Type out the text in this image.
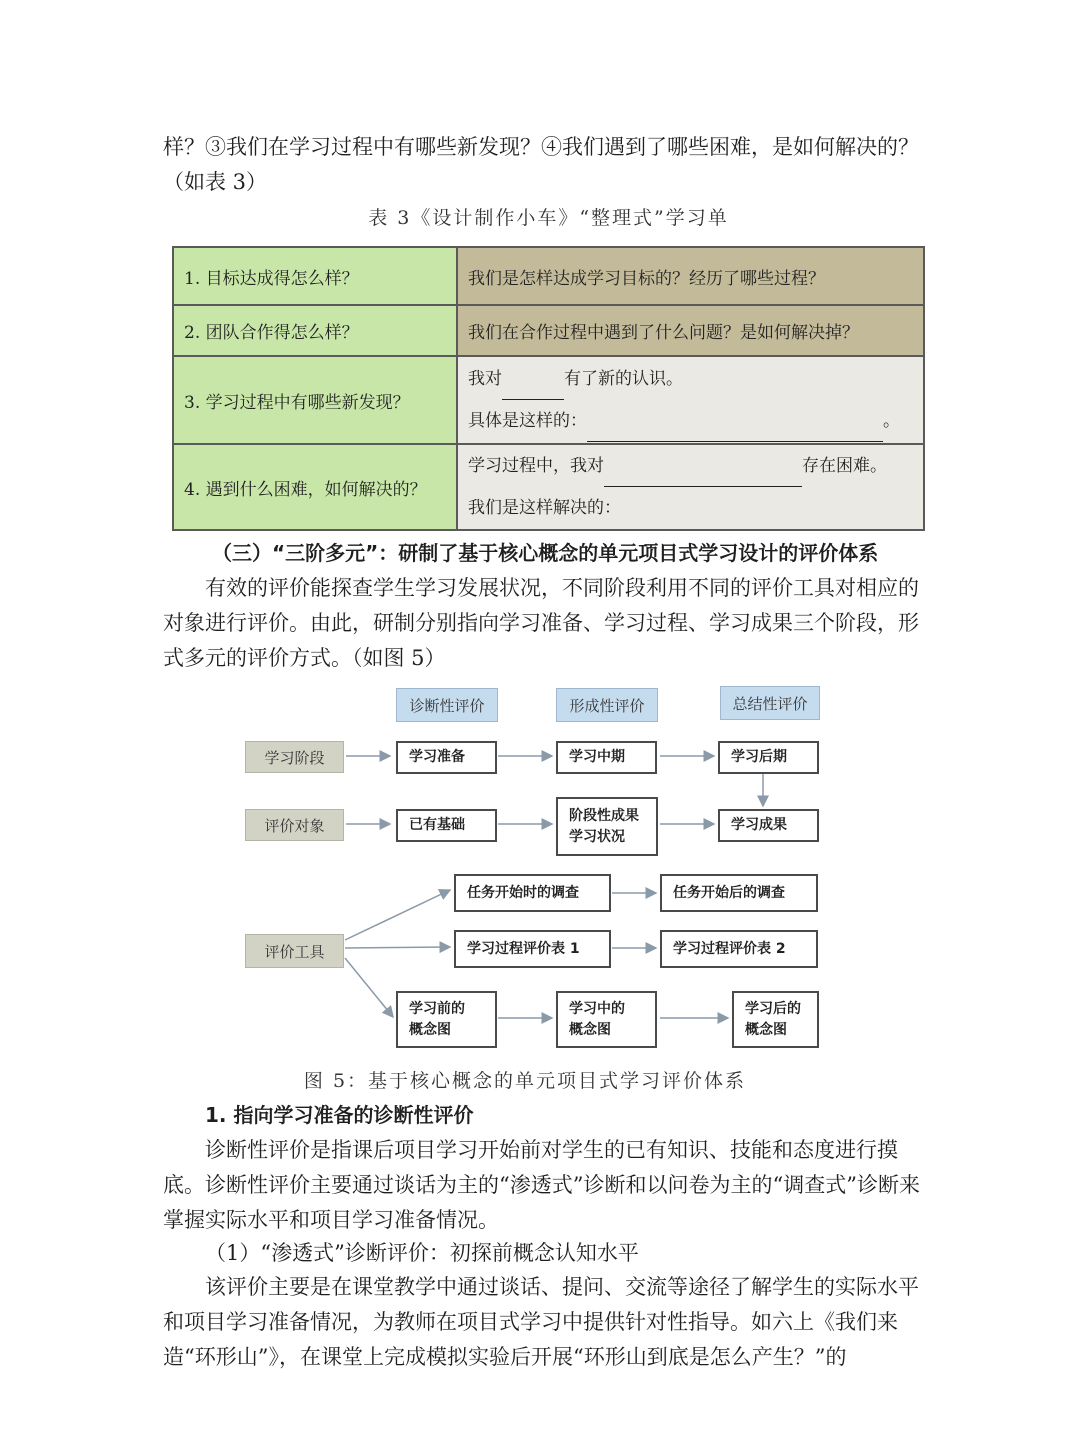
样？③我们在学习过程中有哪些新发现？④我们遇到了哪些困难，是如何解决的？
（如表 3）
表 3《设计制作小车》“整理式”学习单
1. 目标达成得怎么样？	我们是怎样达成学习目标的？经历了哪些过程？
2. 团队合作得怎么样？	我们在合作过程中遇到了什么问题？是如何解决掉？
3. 学习过程中有哪些新发现？	我对 有了新的认识。
具体是这样的： 。

4. 遇到什么困难，如何解决的？	学习过程中，我对 存在困难。
我们是这样解决的：
（三）“三阶多元”：研制了基于核心概念的单元项目式学习设计的评价体系
有效的评价能探查学生学习发展状况，不同阶段利用不同的评价工具对相应的对象进行评价。由此，研制分别指向学习准备、学习过程、学习成果三个阶段，形式多元的评价方式。（如图 5）
诊断性评价	形成性评价	总结性评价
学习阶段
评价对象
评价工具
学习准备	学习中期	学习后期
已有基础
阶段性成果
学习状况
学习成果
任务开始时的调查	任务开始后的调查
学习过程评价表 1	学习过程评价表 2
学习前的
概念图
学习中的
概念图
学习后的
概念图
图 5：基于核心概念的单元项目式学习评价体系
1. 指向学习准备的诊断性评价
诊断性评价是指课后项目学习开始前对学生的已有知识、技能和态度进行摸底。诊断性评价主要通过谈话为主的“渗透式”诊断和以问卷为主的“调查式”诊断来掌握实际水平和项目学习准备情况。
（1）“渗透式”诊断评价：初探前概念认知水平
该评价主要是在课堂教学中通过谈话、提问、交流等途径了解学生的实际水平和项目学习准备情况，为教师在项目式学习中提供针对性指导。如六上《我们来造“环形山”》，在课堂上完成模拟实验后开展“环形山到底是怎么产生？”的
